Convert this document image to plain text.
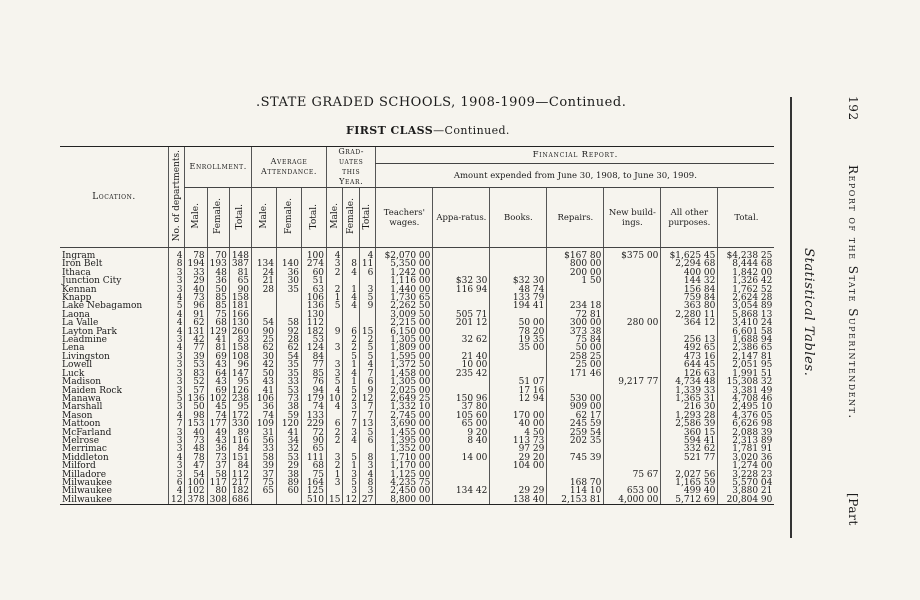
.STATE GRADED SCHOOLS, 1908-1909—Continued.
FIRST CLASS—Continued.
Location.	No. of departments.	Enrollment.			Average Attendance.			Grad-uates this Year.			Financial Report.						
											Amount expended from June 30, 1908, to June 30, 1909.						
		Male.	Female.	Total.	Male.	Female.	Total.	Male.	Female.	Total.	Teachers' wages.	Appa-ratus.	Books.	Repairs.	New build-ings.	All other purposes.	Total.
Ingram	4	78	70	148			100	4		4	$2,070 00			$167 80	$375 00	$1,625 45	$4,238 25
Iron Belt	8	194	193	387	134	140	274	3	8	11	5,350 00			800 00		2,294 68	8,444 68
Ithaca	3	33	48	81	24	36	60	2	4	6	1,242 00			200 00		400 00	1,842 00
Junction City	3	29	36	65	21	30	51				1,116 00	$32 30	$32 30	1 50		144 32	1,326 42
Kennan	3	40	50	90	28	35	63	2	1	3	1,440 00	116 94	48 74			156 84	1,762 52
Knapp	4	73	85	158			106	1	4	5	1,730 65		133 79			759 84	2,624 28
Lake Nebagamon	5	96	85	181			136	5	4	9	2,262 50		194 41	234 18		363 80	3,054 89
Laona	4	91	75	166			130				3,009 50	505 71		72 81		2,280 11	5,868 13
La Valle	4	62	68	130	54	58	112				2,215 00	201 12	50 00	300 00	280 00	364 12	3,410 24
Layton Park	4	131	129	260	90	92	182	9	6	15	6,150 00		78 20	373 38			6,601 58
Leadmine	3	42	41	83	25	28	53		2	2	1,305 00	32 62	19 35	75 84		256 13	1,688 94
Lena	4	77	81	158	62	62	124	3	2	5	1,809 00		35 00	50 00		492 65	2,386 65
Livingston	3	39	69	108	30	54	84		5	5	1,595 00	21 40		258 25		473 16	2,147 81
Lowell	3	53	43	96	42	35	77	3	1	4	1,372 50	10 00		25 00		644 45	2,051 95
Luck	3	83	64	147	50	35	85	3	4	7	1,458 00	235 42		171 46		126 63	1,991 51
Madison	3	52	43	95	43	33	76	5	1	6	1,305 00		51 07		9,217 77	4,734 48	15,308 32
Maiden Rock	3	57	69	126	41	53	94	4	5	9	2,025 00		17 16			1,339 33	3,381 49
Manawa	5	136	102	238	106	73	179	10	2	12	2,649 25	150 96	12 94	530 00		1,365 31	4,708 46
Marshall	3	50	45	95	36	38	74	4	3	7	1,332 10	37 80		909 00		216 30	2,495 10
Mason	4	98	74	172	74	59	133		7	7	2,745 00	105 60	170 00	62 17		1,293 28	4,376 05
Mattoon	7	153	177	330	109	120	229	6	7	13	3,690 00	65 00	40 00	245 59		2,586 39	6,626 98
McFarland	3	40	49	89	31	41	72	2	3	5	1,455 00	9 20	4 50	259 54		360 15	2,088 39
Melrose	3	73	43	116	56	34	90	2	4	6	1,395 00	8 40	113 73	202 35		594 41	2,313 89
Merrimac	3	48	36	84	33	32	65				1,352 00		97 29			332 62	1,781 91
Middleton	4	78	73	151	58	53	111	3	5	8	1,710 00	14 00	29 20	745 39		521 77	3,020 36
Milford	3	47	37	84	39	29	68	2	1	3	1,170 00		104 00				1,274 00
Milladore	3	54	58	112	37	38	75	1	3	4	1,125 00				75 67	2,027 56	3,228 23
Milwaukee	6	100	117	217	75	89	164	3	5	8	4,235 75			168 70		1,165 59	5,570 04
Milwaukee	4	102	80	182	65	60	125		3	3	2,450 00	134 42	29 29	114 10	653 00	499 40	3,880 21
Milwaukee	12	378	308	686			510	15	12	27	8,800 00		138 40	2,153 81	4,000 00	5,712 69	20,804 90
Statistical Tables.
192
Report of the State Superintendent.
[Part
